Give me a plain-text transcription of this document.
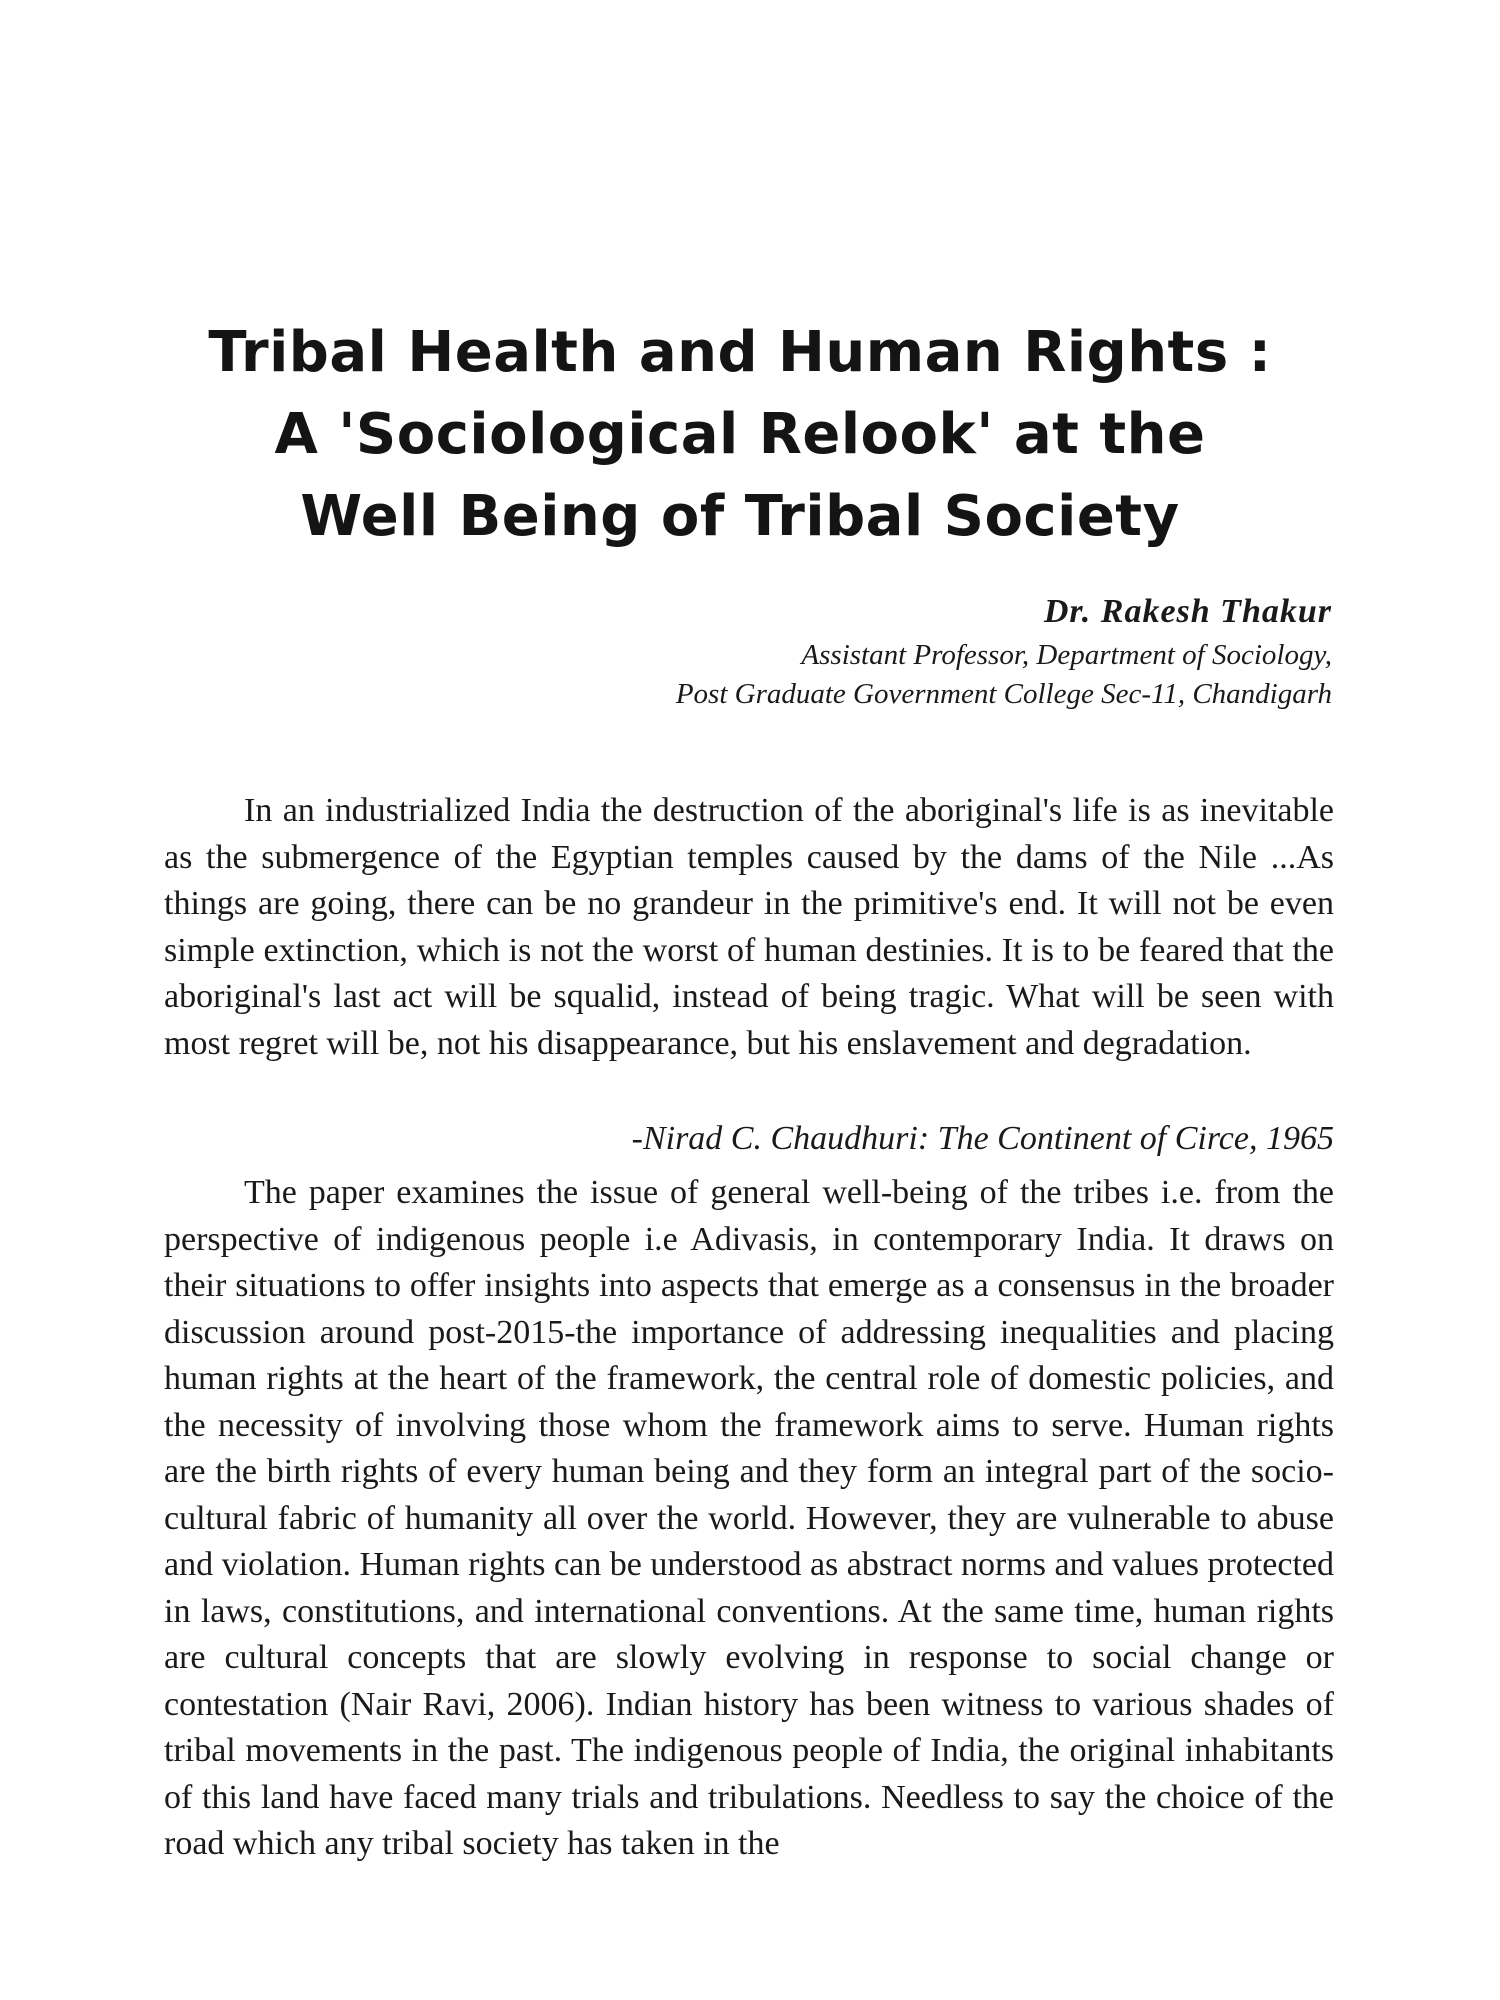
Tribal Health and Human Rights :
A 'Sociological Relook' at the
Well Being of Tribal Society
Dr. Rakesh Thakur
Assistant Professor, Department of Sociology,
Post Graduate Government College Sec-11, Chandigarh

In an industrialized India the destruction of the aboriginal's life is as inevitable as the submergence of the Egyptian temples caused by the dams of the Nile ...As things are going, there can be no grandeur in the primitive's end. It will not be even simple extinction, which is not the worst of human destinies. It is to be feared that the aboriginal's last act will be squalid, instead of being tragic. What will be seen with most regret will be, not his disappearance, but his enslavement and degradation.

-Nirad C. Chaudhuri: The Continent of Circe, 1965

The paper examines the issue of general well-being of the tribes i.e. from the perspective of indigenous people i.e Adivasis, in contemporary India. It draws on their situations to offer insights into aspects that emerge as a consensus in the broader discussion around post-2015-the importance of addressing inequalities and placing human rights at the heart of the framework, the central role of domestic policies, and the necessity of involving those whom the framework aims to serve. Human rights are the birth rights of every human being and they form an integral part of the socio-cultural fabric of humanity all over the world. However, they are vulnerable to abuse and violation. Human rights can be understood as abstract norms and values protected in laws, constitutions, and international conventions. At the same time, human rights are cultural concepts that are slowly evolving in response to social change or contestation (Nair Ravi, 2006). Indian history has been witness to various shades of tribal movements in the past. The indigenous people of India, the original inhabitants of this land have faced many trials and tribulations. Needless to say the choice of the road which any tribal society has taken in the
